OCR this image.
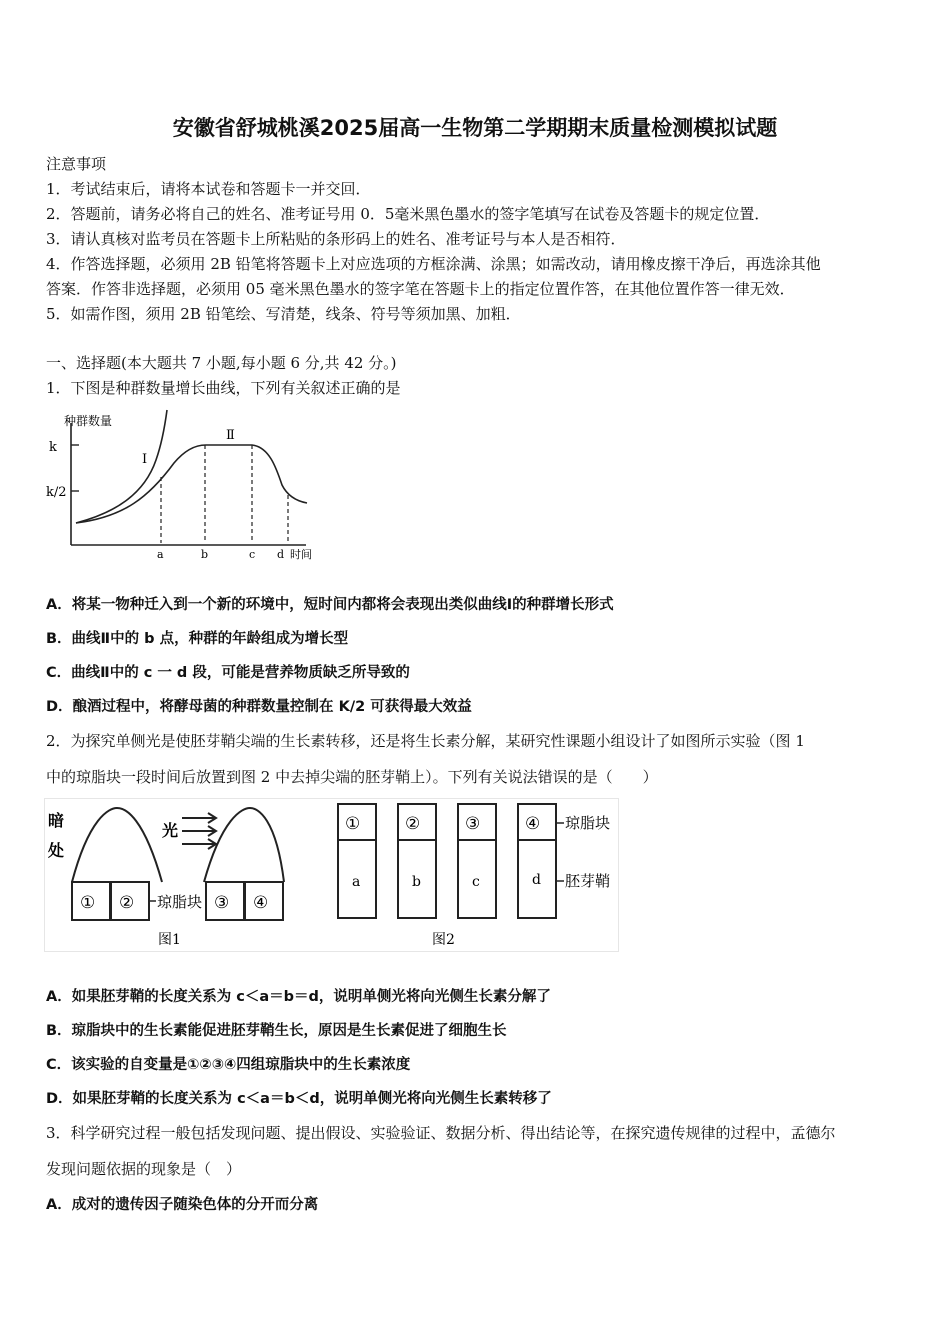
安徽省舒城桃溪2025届高一生物第二学期期末质量检测模拟试题
注意事项
1．考试结束后，请将本试卷和答题卡一并交回．
2．答题前，请务必将自己的姓名、准考证号用 0．5毫米黑色墨水的签字笔填写在试卷及答题卡的规定位置．
3．请认真核对监考员在答题卡上所粘贴的条形码上的姓名、准考证号与本人是否相符．
4．作答选择题，必须用 2B 铅笔将答题卡上对应选项的方框涂满、涂黑；如需改动，请用橡皮擦干净后，再选涂其他
答案．作答非选择题，必须用 05 毫米黑色墨水的签字笔在答题卡上的指定位置作答，在其他位置作答一律无效．
5．如需作图，须用 2B 铅笔绘、写清楚，线条、符号等须加黑、加粗．
一、选择题(本大题共 7 小题,每小题 6 分,共 42 分。)
1．下图是种群数量增长曲线，下列有关叙述正确的是
种群数量
k
k/2
Ⅰ
Ⅱ
a	b	c d 时间
A．将某一物种迁入到一个新的环境中，短时间内都将会表现出类似曲线Ⅰ的种群增长形式
B．曲线Ⅱ中的 b 点，种群的年龄组成为增长型
C．曲线Ⅱ中的 c 一 d 段，可能是营养物质缺乏所导致的
D．酿酒过程中，将酵母菌的种群数量控制在 K/2 可获得最大效益
2．为探究单侧光是使胚芽鞘尖端的生长素转移，还是将生长素分解，某研究性课题小组设计了如图所示实验（图 1
中的琼脂块一段时间后放置到图 2 中去掉尖端的胚芽鞘上）。下列有关说法错误的是（　　）
暗
处
① ② 琼脂块
光
③ ④
图1
①
a
②
b
③
c
④
d
琼脂块
胚芽鞘
图2
A．如果胚芽鞘的长度关系为 c＜a＝b＝d，说明单侧光将向光侧生长素分解了
B．琼脂块中的生长素能促进胚芽鞘生长，原因是生长素促进了细胞生长
C．该实验的自变量是①②③④四组琼脂块中的生长素浓度
D．如果胚芽鞘的长度关系为 c＜a＝b＜d，说明单侧光将向光侧生长素转移了
3．科学研究过程一般包括发现问题、提出假设、实验验证、数据分析、得出结论等，在探究遗传规律的过程中，孟德尔
发现问题依据的现象是（　）
A．成对的遗传因子随染色体的分开而分离
